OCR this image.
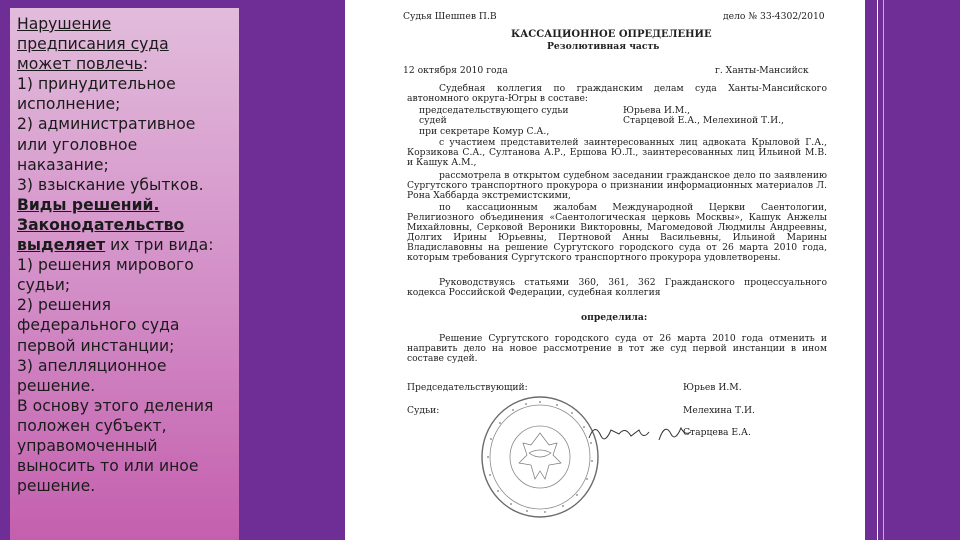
Нарушение
предписания суда
может повлечь:
1) принудительное
исполнение;
2) административное
или уголовное
наказание;
3) взыскание убытков.
Виды решений.
Законодательство
выделяет их три вида:
1) решения мирового
судьи;
2) решения
федерального суда
первой инстанции;
3) апелляционное
решение.
В основу этого деления
положен субъект,
управомоченный
выносить то или иное
решение.
Судья Шешпев П.В	дело № 33-4302/2010
КАССАЦИОННОЕ ОПРЕДЕЛЕНИЕ
Резолютивная часть
12 октября 2010 года	г. Ханты-Мансийск
Судебная коллегия по гражданским делам суда Ханты-Мансийского автономного округа-Югры в составе:
председательствующего судьи	Юрьева И.М.,
судей	Старцевой Е.А., Мелехиной Т.И.,
при секретаре Комур С.А.,
с участием представителей заинтересованных лиц адвоката Крыловой Г.А., Корзикова С.А., Султанова А.Р., Ершова Ю.Л., заинтересованных лиц Ильиной М.В. и Кашук А.М.,
рассмотрела в открытом судебном заседании гражданское дело по заявлению Сургутского транспортного прокурора о признании информационных материалов Л. Рона Хаббарда экстремистскими,
по кассационным жалобам Международной Церкви Саентологии, Религиозного объединения «Саентологическая церковь Москвы», Кашук Анжелы Михайловны, Серковой Вероники Викторовны, Магомедовой Людмилы Андреевны, Долгих Ирины Юрьевны, Пертновой Анны Васильевны, Ильиной Марины Владиславовны на решение Сургутского городского суда от 26 марта 2010 года, которым требования Сургутского транспортного прокурора удовлетворены.
Руководствуясь статьями 360, 361, 362 Гражданского процессуального кодекса Российской Федерации, судебная коллегия
определила:
Решение Сургутского городского суда от 26 марта 2010 года отменить и направить дело на новое рассмотрение в тот же суд первой инстанции в ином составе судей.
Председательствующий:	Юрьев И.М.
Судьи:	Мелехина Т.И.
Старцева Е.А.
